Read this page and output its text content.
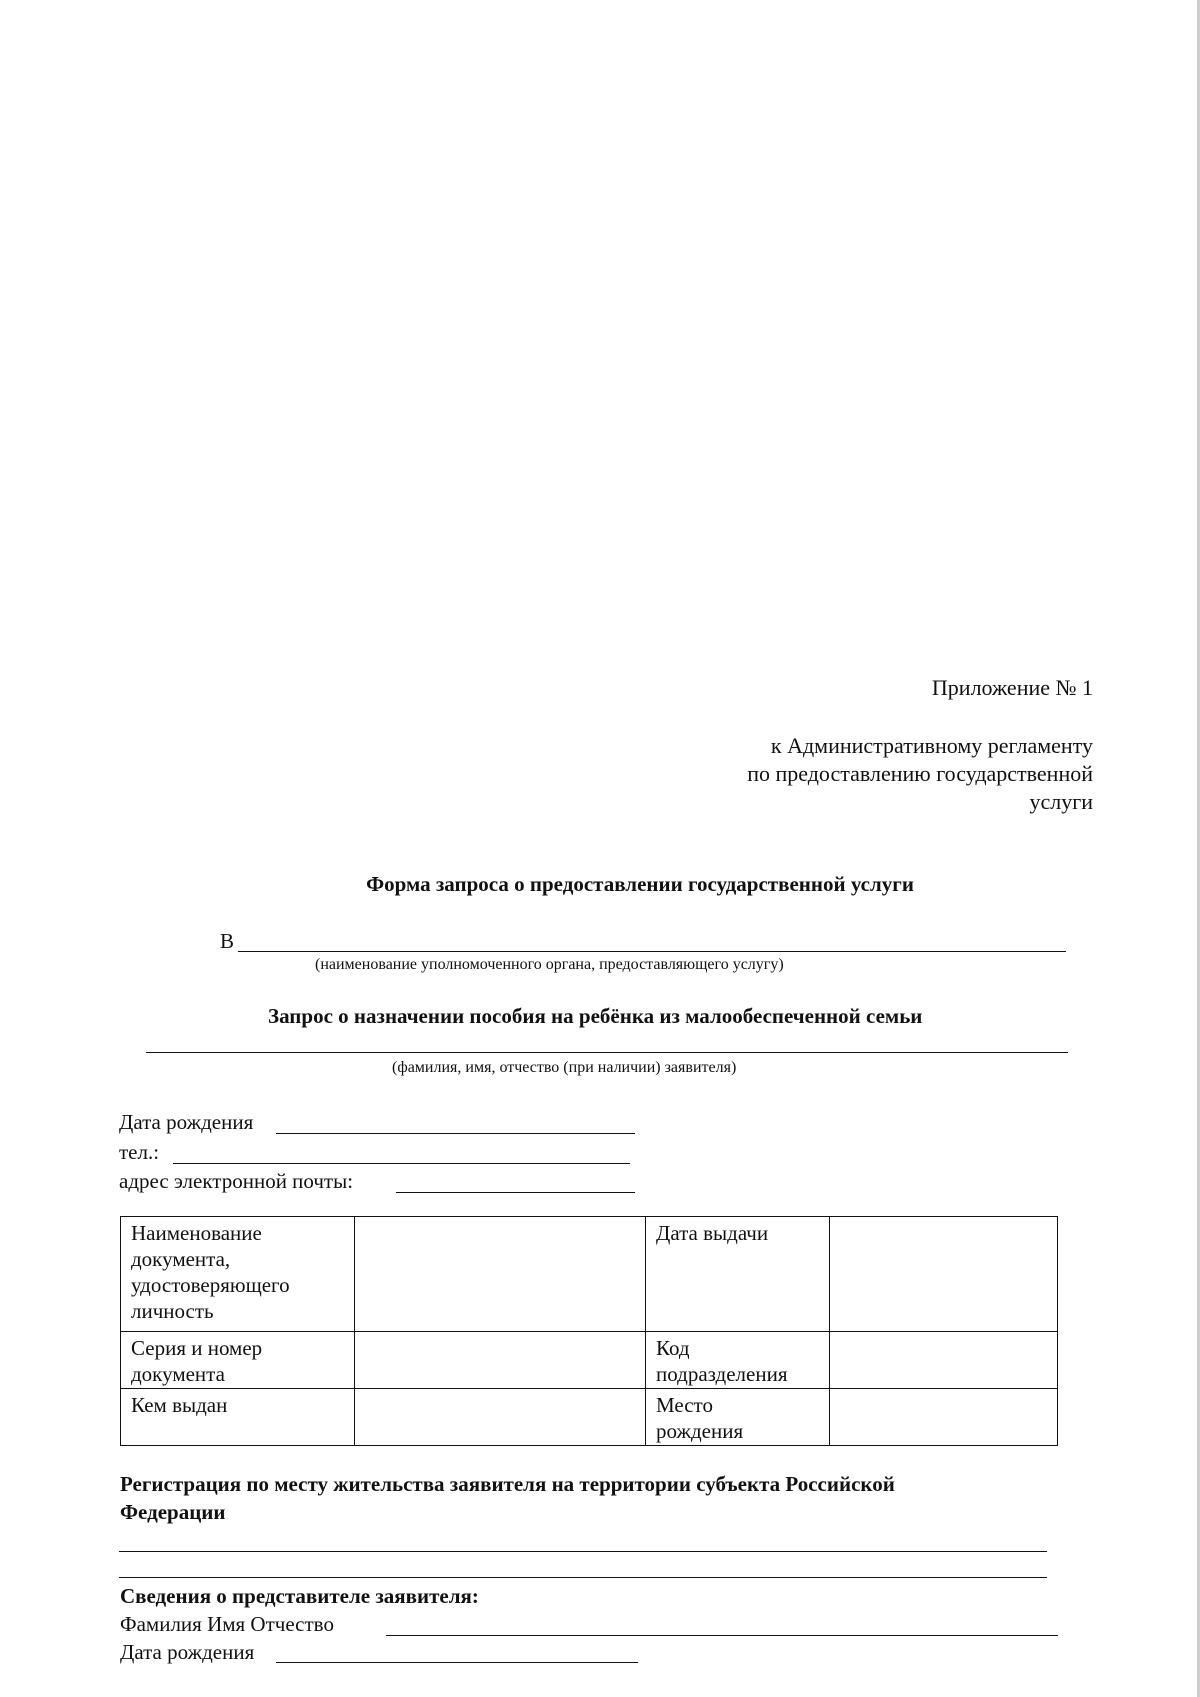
Приложение № 1
к Административному регламенту
по предоставлению государственной
услуги
Форма запроса о предоставлении государственной услуги
В
(наименование уполномоченного органа, предоставляющего услугу)
Запрос о назначении пособия на ребёнка из малообеспеченной семьи
(фамилия, имя, отчество (при наличии) заявителя)
Дата рождения
тел.:
адрес электронной почты:
Наименование документа, удостоверяющего личность		Дата выдачи	

Серия и номер документа		Код подразделения	

Кем выдан		Место рождения	

Регистрация по месту жительства заявителя на территории субъекта Российской Федерации
Сведения о представителе заявителя:
Фамилия Имя Отчество
Дата рождения
